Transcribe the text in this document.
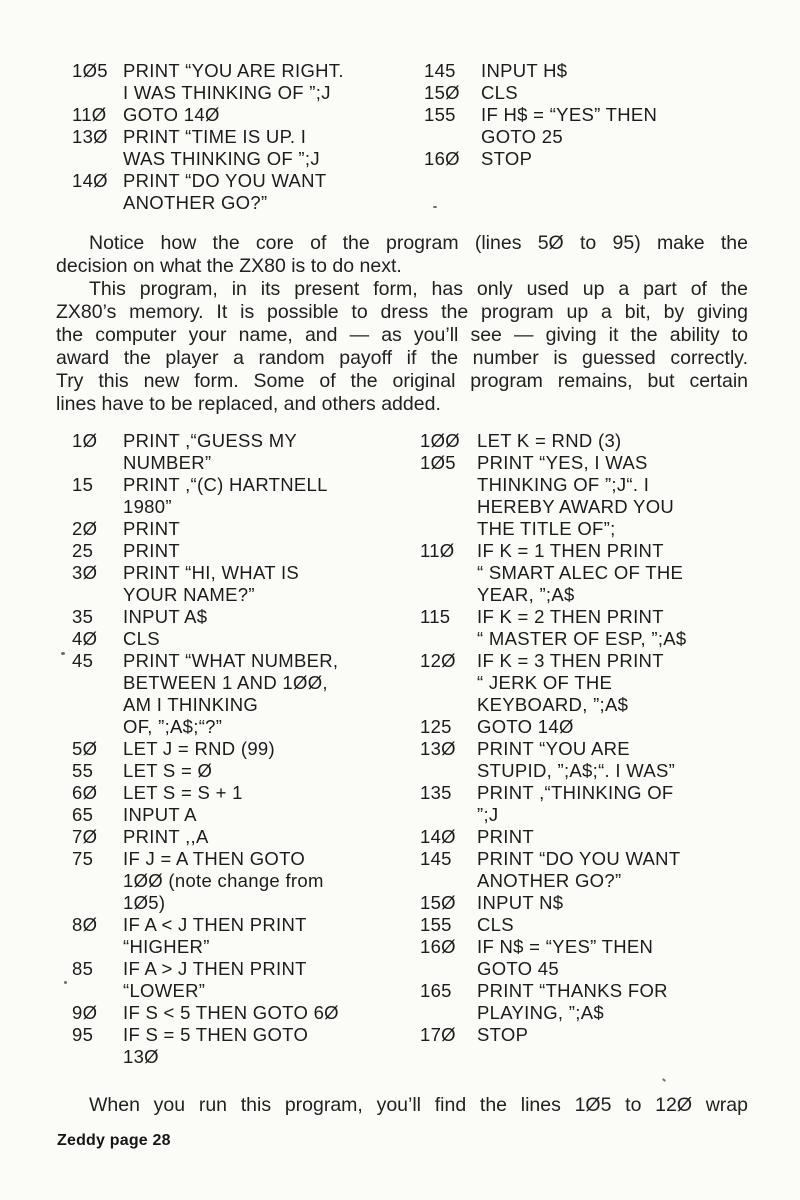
1Ø5 PRINT “YOU ARE RIGHT.
I WAS THINKING OF ”;J
11Ø GOTO 14Ø
13Ø PRINT “TIME IS UP. I
WAS THINKING OF ”;J
14Ø PRINT “DO YOU WANT
ANOTHER GO?”
145	INPUT H$
15Ø	CLS
155	IF H$ = “YES” THEN
GOTO 25
16Ø	STOP
Notice how the core of the program (lines 5Ø to 95) make the
decision on what the ZX80 is to do next.
This program, in its present form, has only used up a part of the
ZX80’s memory. It is possible to dress the program up a bit, by giving
the computer your name, and — as you’ll see — giving it the ability to
award the player a random payoff if the number is guessed correctly.
Try this new form. Some of the original program remains, but certain
lines have to be replaced, and others added.
1Ø	PRINT ,“GUESS MY
NUMBER”
15	PRINT ,“(C) HARTNELL
1980”
2Ø	PRINT
25	PRINT
3Ø	PRINT “HI, WHAT IS
YOUR NAME?”
35	INPUT A$
4Ø	CLS
45	PRINT “WHAT NUMBER,
BETWEEN 1 AND 1ØØ,
AM I THINKING
OF, ”;A$;“?”
5Ø	LET J = RND (99)
55	LET S = Ø
6Ø	LET S = S + 1
65	INPUT A
7Ø	PRINT ,,A
75	IF J = A THEN GOTO
1ØØ (note change from
1Ø5)
8Ø	IF A < J THEN PRINT
“HIGHER”
85	IF A > J THEN PRINT
“LOWER”
9Ø	IF S < 5 THEN GOTO 6Ø
95	IF S = 5 THEN GOTO
13Ø
1ØØ LET K = RND (3)
1Ø5	PRINT “YES, I WAS
THINKING OF ”;J“. I
HEREBY AWARD YOU
THE TITLE OF”;
11Ø	IF K = 1 THEN PRINT
“ SMART ALEC OF THE
YEAR, ”;A$
115	IF K = 2 THEN PRINT
“ MASTER OF ESP, ”;A$
12Ø	IF K = 3 THEN PRINT
“ JERK OF THE
KEYBOARD, ”;A$
125	GOTO 14Ø
13Ø	PRINT “YOU ARE
STUPID, ”;A$;“. I WAS”
135	PRINT ,“THINKING OF
”;J
14Ø	PRINT
145	PRINT “DO YOU WANT
ANOTHER GO?”
15Ø	INPUT N$
155	CLS
16Ø	IF N$ = “YES” THEN
GOTO 45
165	PRINT “THANKS FOR
PLAYING, ”;A$
17Ø	STOP
When you run this program, you’ll find the lines 1Ø5 to 12Ø wrap
Zeddy page 28
